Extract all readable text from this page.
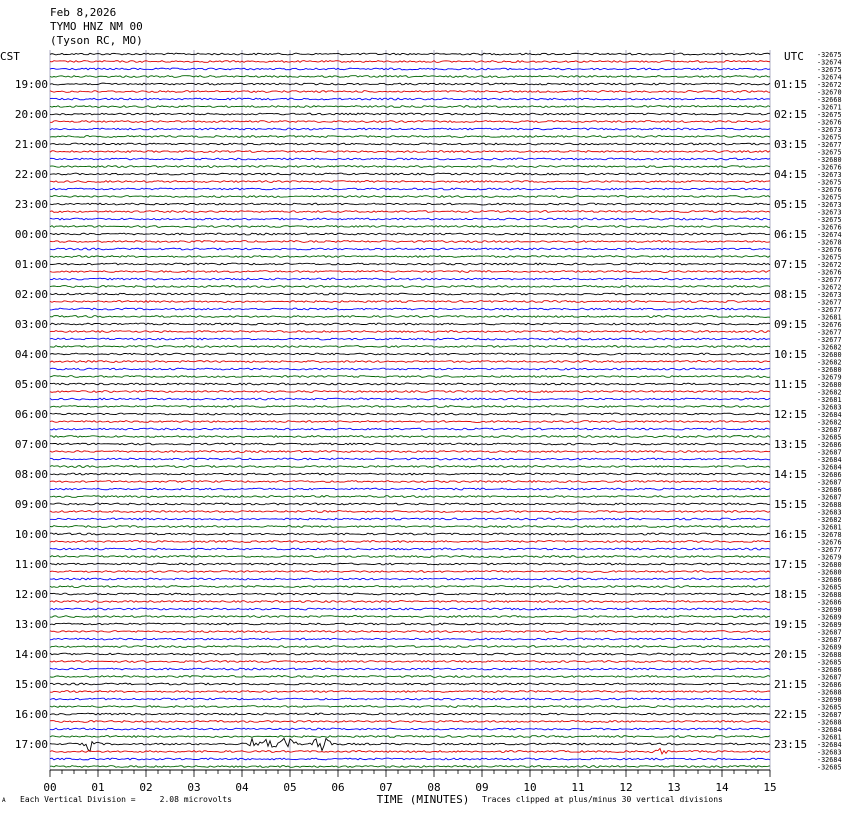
Feb 8,2026
TYMO HNZ NM 00
(Tyson RC, MO)
CST	UTC
19:00
20:00
21:00
22:00
23:00
00:00
01:00
02:00
03:00
04:00
05:00
06:00
07:00
08:00
09:00
10:00
11:00
12:00
13:00
14:00
15:00
16:00
17:00
01:15
02:15
03:15
04:15
05:15
06:15
07:15
08:15
09:15
10:15
11:15
12:15
13:15
14:15
15:15
16:15
17:15
18:15
19:15
20:15
21:15
22:15
23:15
-32675
-32674
-32675
-32674
-32672
-32670
-32668
-32671
-32675
-32676
-32673
-32675
-32677
-32675
-32680
-32676
-32673
-32675
-32676
-32675
-32673
-32673
-32675
-32676
-32674
-32678
-32676
-32675
-32672
-32676
-32677
-32672
-32673
-32677
-32677
-32681
-32676
-32677
-32677
-32682
-32680
-32682
-32680
-32679
-32680
-32682
-32681
-32683
-32684
-32682
-32687
-32685
-32686
-32687
-32684
-32684
-32686
-32687
-32686
-32687
-32688
-32683
-32682
-32681
-32678
-32676
-32677
-32679
-32680
-32680
-32686
-32685
-32688
-32686
-32690
-32689
-32689
-32687
-32687
-32689
-32688
-32685
-32686
-32687
-32686
-32688
-32690
-32685
-32687
-32688
-32684
-32681
-32684
-32683
-32684
-32685
00	01	02	03	04	05	06	07	08	09	10	11	12	13	14	15
TIME (MINUTES)
A Each Vertical Division =     2.08 microvolts	Traces clipped at plus/minus 30 vertical divisions
